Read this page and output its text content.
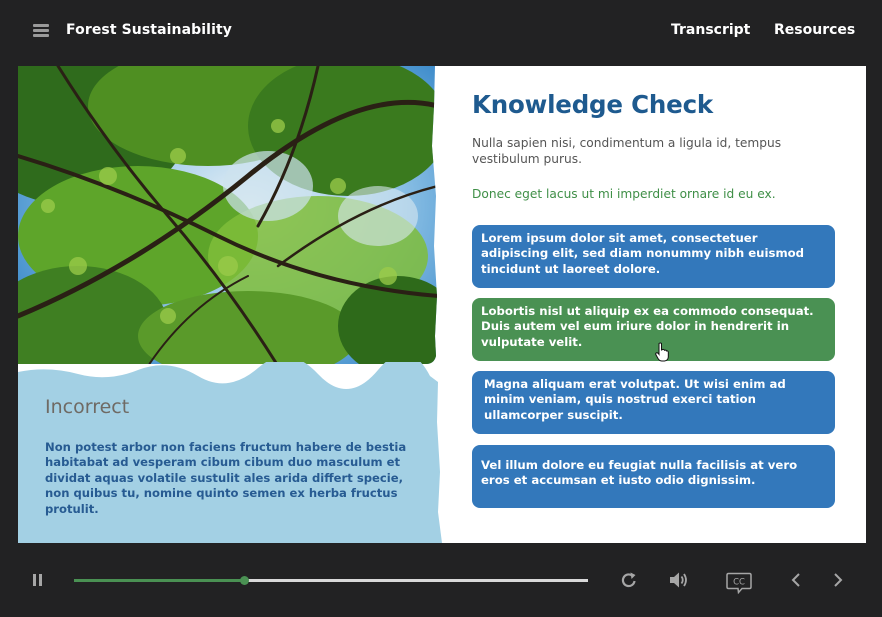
Forest Sustainability	Transcript Resources
Incorrect
Non potest arbor non faciens fructum habere de bestia habitabat ad vesperam cibum cibum duo masculum et dividat aquas volatile sustulit ales arida differt specie, non quibus tu, nomine quinto semen ex herba fructus protulit.
Knowledge Check
Nulla sapien nisi, condimentum a ligula id, tempus vestibulum purus.
Donec eget lacus ut mi imperdiet ornare id eu ex.
Lorem ipsum dolor sit amet, consectetuer adipiscing elit, sed diam nonummy nibh euismod tincidunt ut laoreet dolore.
Lobortis nisl ut aliquip ex ea commodo consequat. Duis autem vel eum iriure dolor in hendrerit in vulputate velit.
Magna aliquam erat volutpat. Ut wisi enim ad minim veniam, quis nostrud exerci tation ullamcorper suscipit.
Vel illum dolore eu feugiat nulla facilisis at vero eros et accumsan et iusto odio dignissim.
CC
